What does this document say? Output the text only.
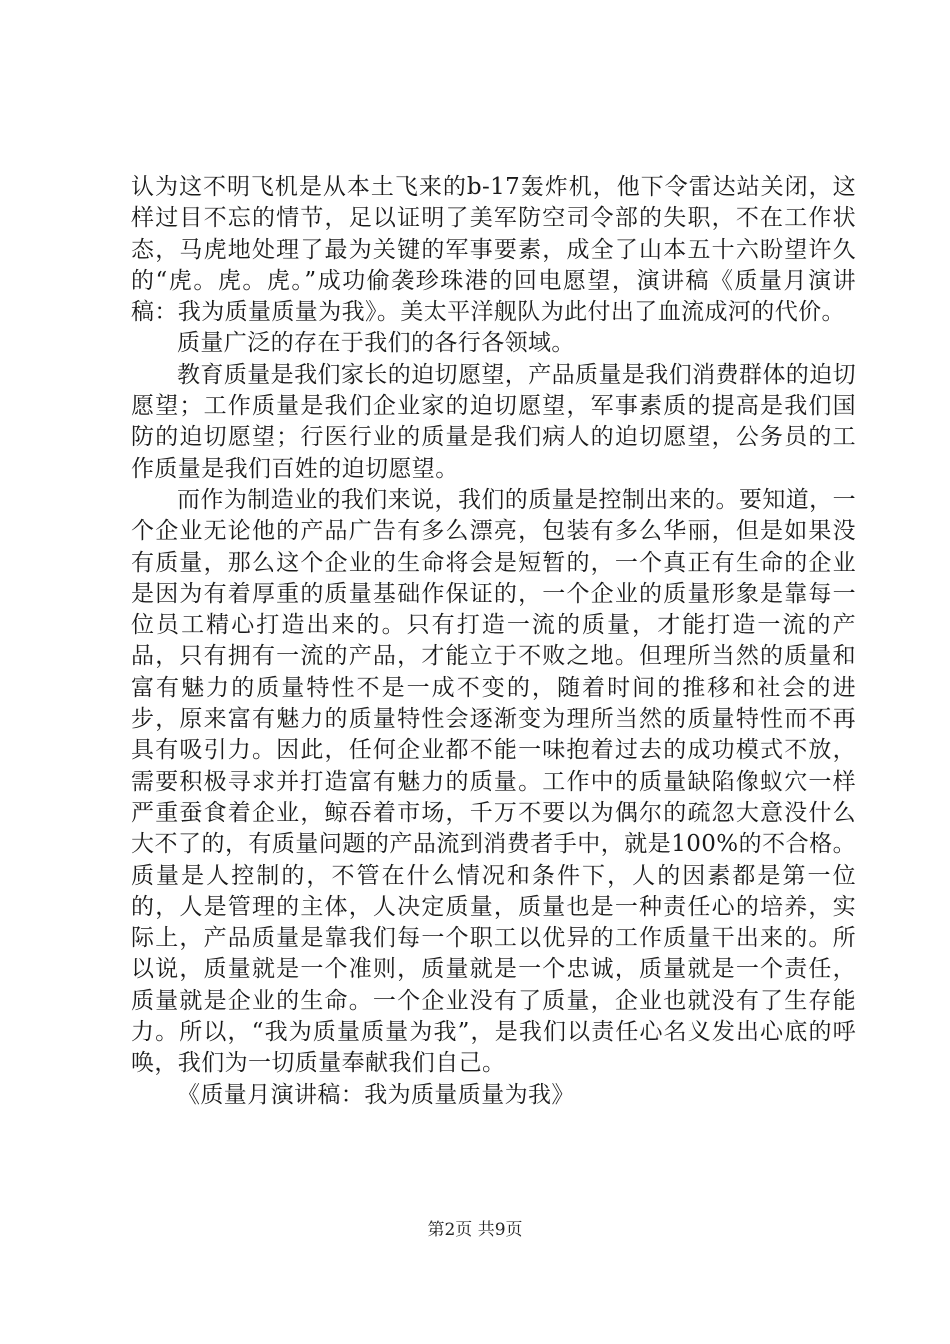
认为这不明飞机是从本土飞来的b-17轰炸机，他下令雷达站关闭，这样过目不忘的情节，足以证明了美军防空司令部的失职，不在工作状态，马虎地处理了最为关键的军事要素，成全了山本五十六盼望许久的“虎。虎。虎。”成功偷袭珍珠港的回电愿望，演讲稿《质量月演讲稿：我为质量质量为我》。美太平洋舰队为此付出了血流成河的代价。

质量广泛的存在于我们的各行各领域。

教育质量是我们家长的迫切愿望，产品质量是我们消费群体的迫切愿望；工作质量是我们企业家的迫切愿望，军事素质的提高是我们国防的迫切愿望；行医行业的质量是我们病人的迫切愿望，公务员的工作质量是我们百姓的迫切愿望。

而作为制造业的我们来说，我们的质量是控制出来的。要知道，一个企业无论他的产品广告有多么漂亮，包装有多么华丽，但是如果没有质量，那么这个企业的生命将会是短暂的，一个真正有生命的企业是因为有着厚重的质量基础作保证的，一个企业的质量形象是靠每一位员工精心打造出来的。只有打造一流的质量，才能打造一流的产品，只有拥有一流的产品，才能立于不败之地。但理所当然的质量和富有魅力的质量特性不是一成不变的，随着时间的推移和社会的进步，原来富有魅力的质量特性会逐渐变为理所当然的质量特性而不再具有吸引力。因此，任何企业都不能一味抱着过去的成功模式不放，需要积极寻求并打造富有魅力的质量。工作中的质量缺陷像蚁穴一样严重蚕食着企业，鲸吞着市场，千万不要以为偶尔的疏忽大意没什么大不了的，有质量问题的产品流到消费者手中，就是100%的不合格。质量是人控制的，不管在什么情况和条件下，人的因素都是第一位的，人是管理的主体，人决定质量，质量也是一种责任心的培养，实际上，产品质量是靠我们每一个职工以优异的工作质量干出来的。所以说，质量就是一个准则，质量就是一个忠诚，质量就是一个责任，质量就是企业的生命。一个企业没有了质量，企业也就没有了生存能力。所以，“我为质量质量为我”，是我们以责任心名义发出心底的呼唤，我们为一切质量奉献我们自己。

《质量月演讲稿：我为质量质量为我》

第2页 共9页
